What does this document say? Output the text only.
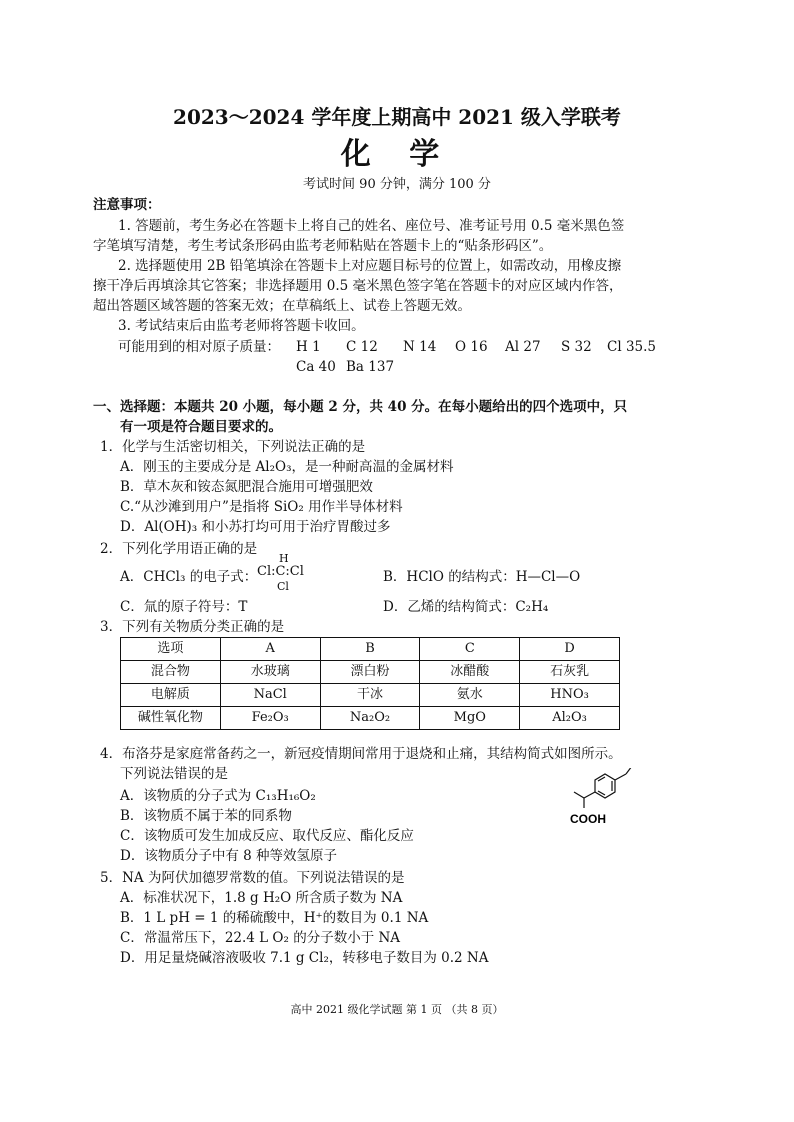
2023～2024 学年度上期高中 2021 级入学联考
化 学
考试时间 90 分钟，满分 100 分
注意事项：
1. 答题前，考生务必在答题卡上将自己的姓名、座位号、准考证号用 0.5 毫米黑色签
字笔填写清楚，考生考试条形码由监考老师粘贴在答题卡上的“贴条形码区”。
2. 选择题使用 2B 铅笔填涂在答题卡上对应题目标号的位置上，如需改动，用橡皮擦
擦干净后再填涂其它答案；非选择题用 0.5 毫米黑色签字笔在答题卡的对应区域内作答，
超出答题区域答题的答案无效；在草稿纸上、试卷上答题无效。
3. 考试结束后由监考老师将答题卡收回。
可能用到的相对原子质量： H 1 C 12 N 14 O 16 Al 27 S 32 Cl 35.5
Ca 40 Ba 137
一、选择题：本题共 20 小题，每小题 2 分，共 40 分。在每小题给出的四个选项中，只
有一项是符合题目要求的。
1．化学与生活密切相关，下列说法正确的是
A．刚玉的主要成分是 Al₂O₃，是一种耐高温的金属材料
B．草木灰和铵态氮肥混合施用可增强肥效
C.“从沙滩到用户”是指将 SiO₂ 用作半导体材料
D．Al(OH)₃ 和小苏打均可用于治疗胃酸过多
2．下列化学用语正确的是
A．CHCl₃ 的电子式：
H
Cl:C:Cl
Cl
B．HClO 的结构式：H—Cl—O
C．氚的原子符号：T	D．乙烯的结构简式：C₂H₄
3．下列有关物质分类正确的是
选项	A	B	C	D
混合物	水玻璃	漂白粉	冰醋酸	石灰乳
电解质	NaCl	干冰	氨水	HNO₃
碱性氧化物	Fe₂O₃	Na₂O₂	MgO	Al₂O₃
4．布洛芬是家庭常备药之一，新冠疫情期间常用于退烧和止痛，其结构简式如图所示。
下列说法错误的是
A．该物质的分子式为 C₁₃H₁₆O₂
B．该物质不属于苯的同系物
C．该物质可发生加成反应、取代反应、酯化反应
D．该物质分子中有 8 种等效氢原子
COOH
5．NA 为阿伏加德罗常数的值。下列说法错误的是
A．标准状况下，1.8 g H₂O 所含质子数为 NA
B．1 L pH = 1 的稀硫酸中，H⁺的数目为 0.1 NA
C．常温常压下，22.4 L O₂ 的分子数小于 NA
D．用足量烧碱溶液吸收 7.1 g Cl₂，转移电子数目为 0.2 NA
高中 2021 级化学试题 第 1 页 （共 8 页）
